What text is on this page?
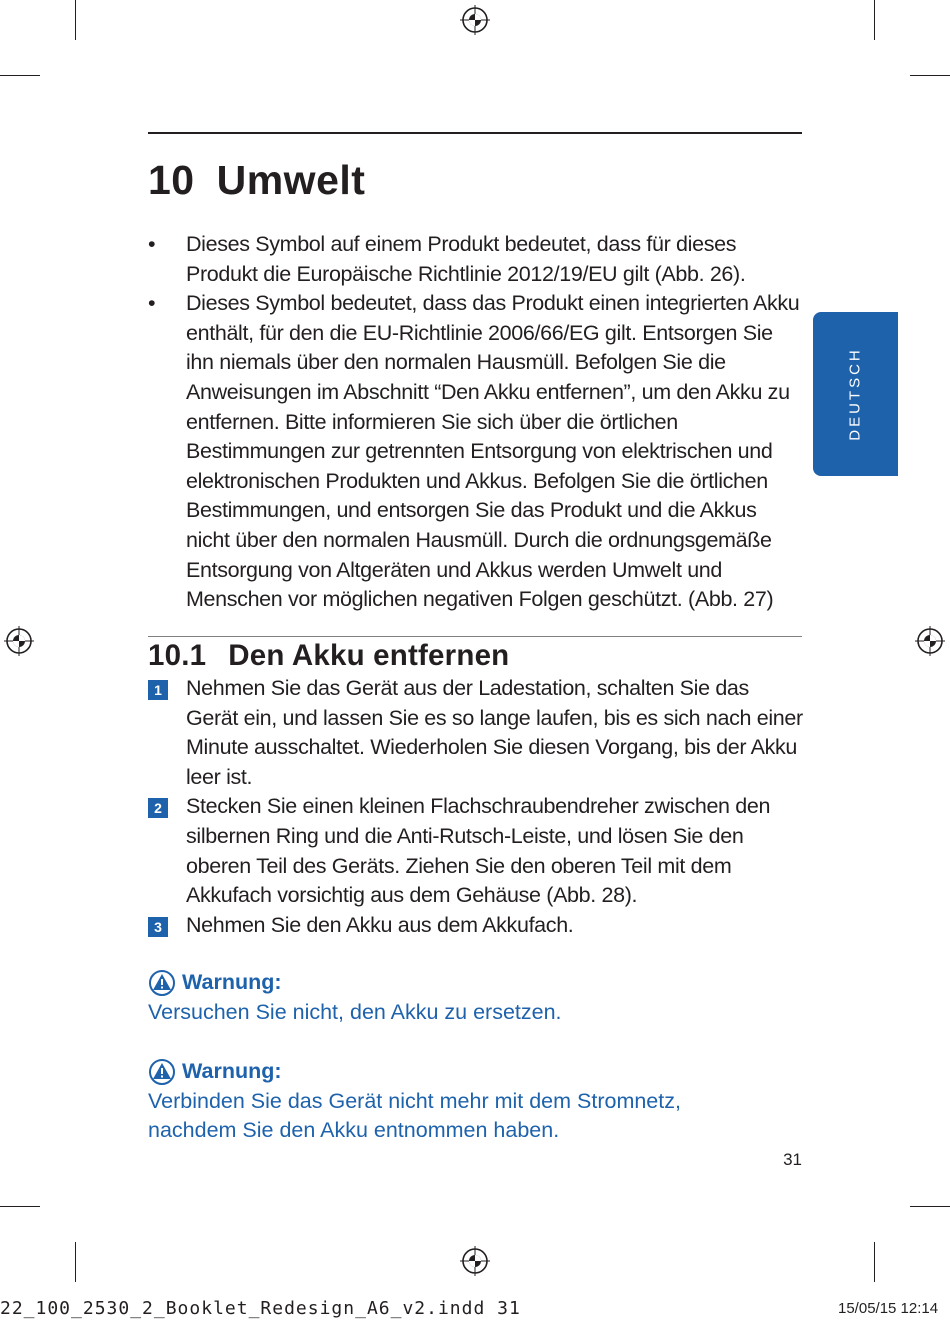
10 Umwelt
•	Dieses Symbol auf einem Produkt bedeutet, dass für dieses Produkt die Europäische Richtlinie 2012/19/EU gilt (Abb. 26).
•	Dieses Symbol bedeutet, dass das Produkt einen integrierten Akku enthält, für den die EU-Richtlinie 2006/66/EG gilt. Entsorgen Sie ihn niemals über den normalen Hausmüll. Befolgen Sie die Anweisungen im Abschnitt “Den Akku entfernen”, um den Akku zu entfernen. Bitte informieren Sie sich über die örtlichen Bestimmungen zur getrennten Entsorgung von elektrischen und elektronischen Produkten und Akkus. Befolgen Sie die örtlichen Bestimmungen, und entsorgen Sie das Produkt und die Akkus nicht über den normalen Hausmüll. Durch die ordnungsgemäße Entsorgung von Altgeräten und Akkus werden Umwelt und Menschen vor möglichen negativen Folgen geschützt. (Abb. 27)
10.1 Den Akku entfernen
1 Nehmen Sie das Gerät aus der Ladestation, schalten Sie das Gerät ein, und lassen Sie es so lange laufen, bis es sich nach einer Minute ausschaltet. Wiederholen Sie diesen Vorgang, bis der Akku leer ist.
2 Stecken Sie einen kleinen Flachschraubendreher zwischen den silbernen Ring und die Anti-Rutsch-Leiste, und lösen Sie den oberen Teil des Geräts. Ziehen Sie den oberen Teil mit dem Akkufach vorsichtig aus dem Gehäuse (Abb. 28).
3 Nehmen Sie den Akku aus dem Akkufach.
Warnung:

Versuchen Sie nicht, den Akku zu ersetzen.

Warnung:

Verbinden Sie das Gerät nicht mehr mit dem Stromnetz, nachdem Sie den Akku entnommen haben.

DEUTSCH
31
22_100_2530_2_Booklet_Redesign_A6_v2.indd 31	15/05/15 12:14
